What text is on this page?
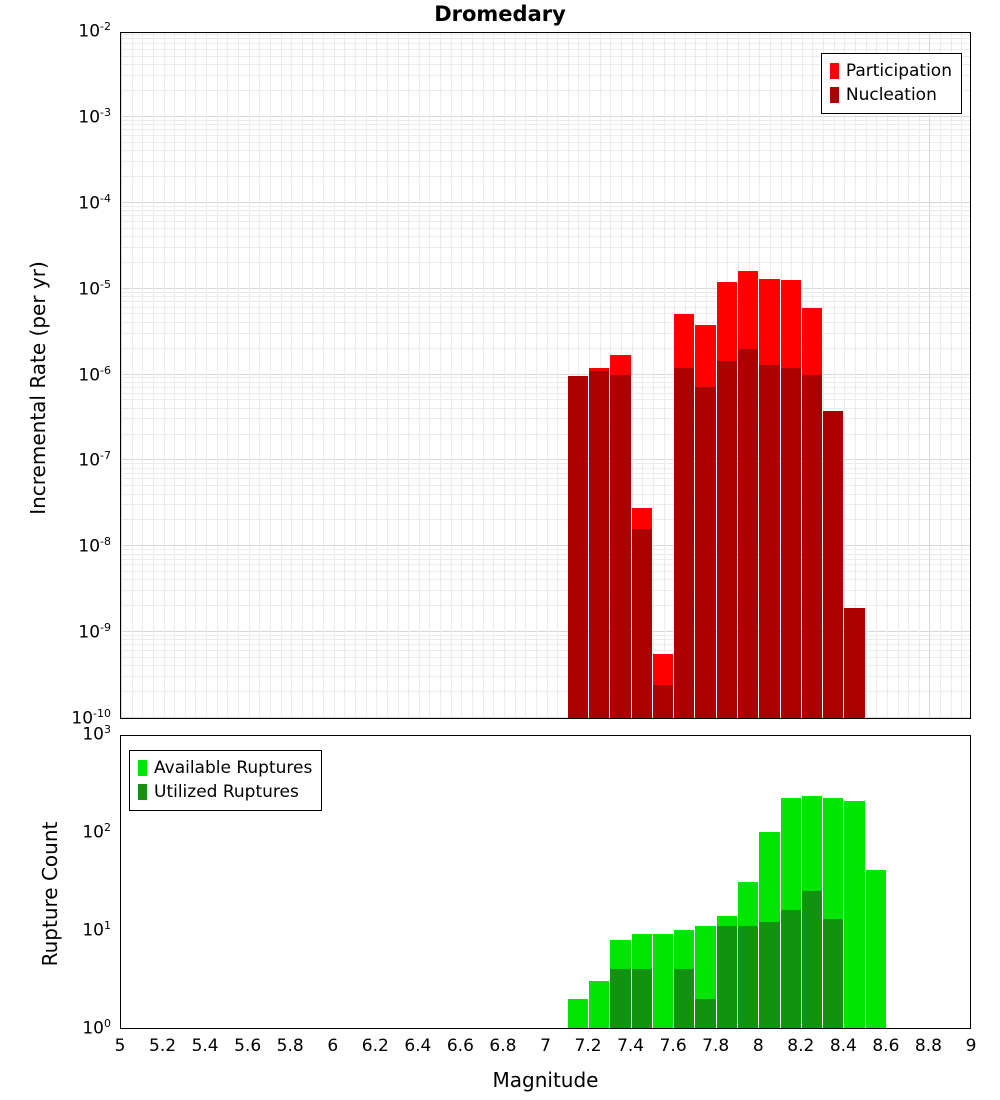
Dromedary
Participation
Nucleation
Incremental Rate (per yr)
Available Ruptures
Utilized Ruptures
Rupture Count
$10^{-10}$
$10^{-9}$
$10^{-8}$
$10^{-7}$
$10^{-6}$
$10^{-5}$
$10^{-4}$
$10^{-3}$
$10^{-2}$
$10^0$
$10^1$
$10^2$
$10^3$
5	5.2 5.4 5.6 5.8	6	6.2 6.4 6.6 6.8	7	7.2 7.4 7.6 7.8	8	8.2 8.4 8.6 8.8	9
Magnitude
